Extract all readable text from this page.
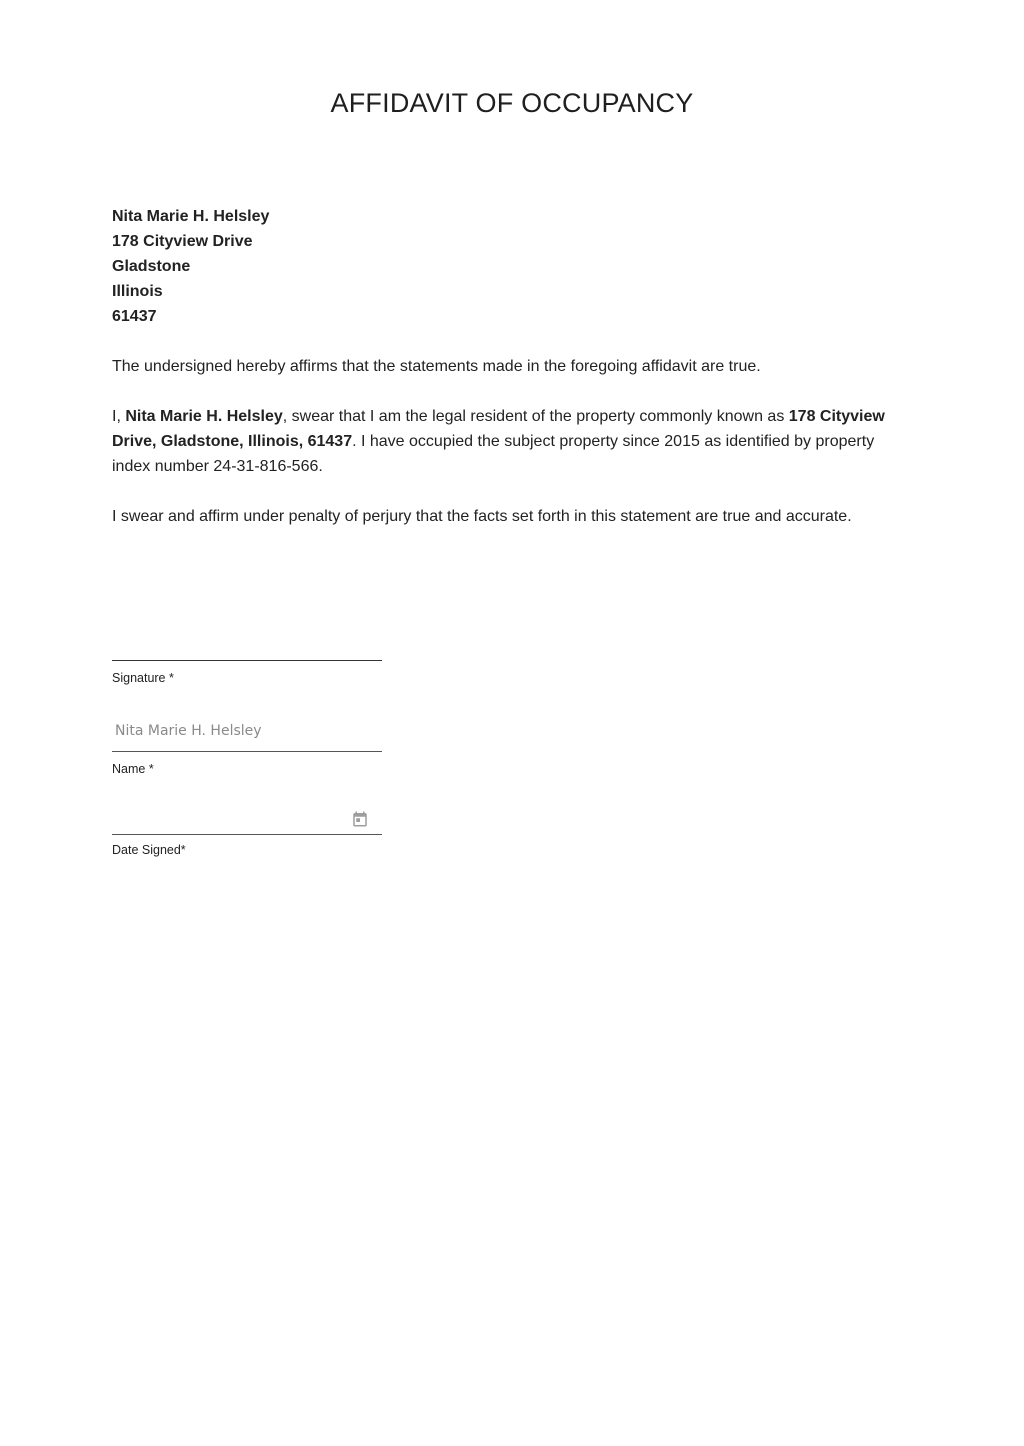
AFFIDAVIT OF OCCUPANCY
Nita Marie H. Helsley
178 Cityview Drive
Gladstone
Illinois
61437

The undersigned hereby affirms that the statements made in the foregoing affidavit are true.

I, Nita Marie H. Helsley, swear that I am the legal resident of the property commonly known as 178 Cityview Drive, Gladstone, Illinois, 61437. I have occupied the subject property since 2015 as identified by property index number 24-31-816-566.

I swear and affirm under penalty of perjury that the facts set forth in this statement are true and accurate.

Signature *
Nita Marie H. Helsley
Name *
Date Signed*
